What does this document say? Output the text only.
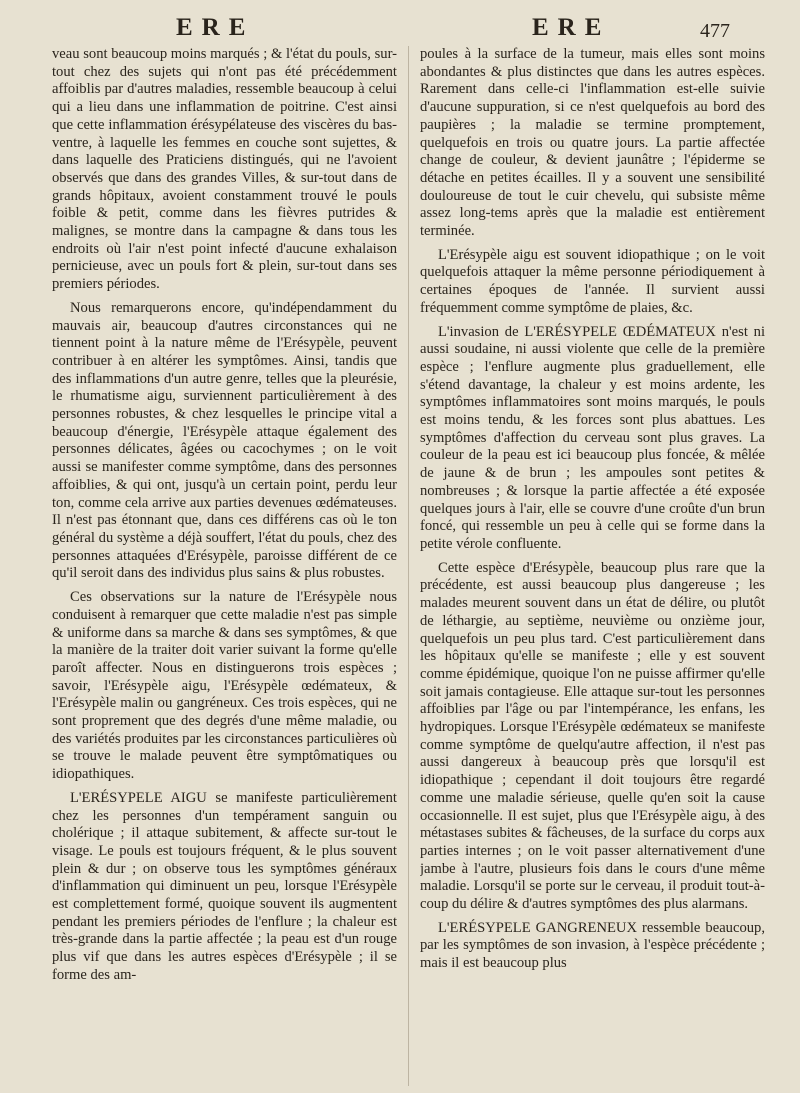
ERE	ERE	477

veau sont beaucoup moins marqués ; & l'état du pouls, sur-tout chez des sujets qui n'ont pas été précédemment affoiblis par d'autres maladies, ressemble beaucoup à celui qui a lieu dans une inflammation de poitrine. C'est ainsi que cette inflammation érésypélateuse des viscères du bas-ventre, à laquelle les femmes en couche sont sujettes, & dans laquelle des Praticiens distingués, qui ne l'avoient observés que dans des grandes Villes, & sur-tout dans de grands hôpitaux, avoient constamment trouvé le pouls foible & petit, comme dans les fièvres putrides & malignes, se montre dans la campagne & dans tous les endroits où l'air n'est point infecté d'aucune exhalaison pernicieuse, avec un pouls fort & plein, sur-tout dans ses premiers périodes.

Nous remarquerons encore, qu'indépendamment du mauvais air, beaucoup d'autres circonstances qui ne tiennent point à la nature même de l'Erésypèle, peuvent contribuer à en altérer les symptômes. Ainsi, tandis que des inflammations d'un autre genre, telles que la pleurésie, le rhumatisme aigu, surviennent particulièrement à des personnes robustes, & chez lesquelles le principe vital a beaucoup d'énergie, l'Erésypèle attaque également des personnes délicates, âgées ou cacochymes ; on le voit aussi se manifester comme symptôme, dans des personnes affoiblies, & qui ont, jusqu'à un certain point, perdu leur ton, comme cela arrive aux parties devenues œdémateuses. Il n'est pas étonnant que, dans ces différens cas où le ton général du système a déjà souffert, l'état du pouls, chez des personnes attaquées d'Erésypèle, paroisse différent de ce qu'il seroit dans des individus plus sains & plus robustes.

Ces observations sur la nature de l'Erésypèle nous conduisent à remarquer que cette maladie n'est pas simple & uniforme dans sa marche & dans ses symptômes, & que la manière de la traiter doit varier suivant la forme qu'elle paroît affecter. Nous en distinguerons trois espèces ; savoir, l'Erésypèle aigu, l'Erésypèle œdémateux, & l'Erésypèle malin ou gangréneux. Ces trois espèces, qui ne sont proprement que des degrés d'une même maladie, ou des variétés produites par les circonstances particulières où se trouve le malade peuvent être symptômatiques ou idiopathiques.

L'ERÉSYPELE AIGU se manifeste particulièrement chez les personnes d'un tempérament sanguin ou cholérique ; il attaque subitement, & affecte sur-tout le visage. Le pouls est toujours fréquent, & le plus souvent plein & dur ; on observe tous les symptômes généraux d'inflammation qui diminuent un peu, lorsque l'Erésypèle est complettement formé, quoique souvent ils augmentent pendant les premiers périodes de l'enflure ; la chaleur est très-grande dans la partie affectée ; la peau est d'un rouge plus vif que dans les autres espèces d'Erésypèle ; il se forme des am-

poules à la surface de la tumeur, mais elles sont moins abondantes & plus distinctes que dans les autres espèces. Rarement dans celle-ci l'inflammation est-elle suivie d'aucune suppuration, si ce n'est quelquefois au bord des paupières ; la maladie se termine promptement, quelquefois en trois ou quatre jours. La partie affectée change de couleur, & devient jaunâtre ; l'épiderme se détache en petites écailles. Il y a souvent une sensibilité douloureuse de tout le cuir chevelu, qui subsiste même assez long-tems après que la maladie est entièrement terminée.

L'Erésypèle aigu est souvent idiopathique ; on le voit quelquefois attaquer la même personne périodiquement à certaines époques de l'année. Il survient aussi fréquemment comme symptôme de plaies, &c.

L'invasion de L'ERÉSYPELE ŒDÉMATEUX n'est ni aussi soudaine, ni aussi violente que celle de la première espèce ; l'enflure augmente plus graduellement, elle s'étend davantage, la chaleur y est moins ardente, les symptômes inflammatoires sont moins marqués, le pouls est moins tendu, & les forces sont plus abattues. Les symptômes d'affection du cerveau sont plus graves. La couleur de la peau est ici beaucoup plus foncée, & mêlée de jaune & de brun ; les ampoules sont petites & nombreuses ; & lorsque la partie affectée a été exposée quelques jours à l'air, elle se couvre d'une croûte d'un brun foncé, qui ressemble un peu à celle qui se forme dans la petite vérole confluente.

Cette espèce d'Erésypèle, beaucoup plus rare que la précédente, est aussi beaucoup plus dangereuse ; les malades meurent souvent dans un état de délire, ou plutôt de léthargie, au septième, neuvième ou onzième jour, quelquefois un peu plus tard. C'est particulièrement dans les hôpitaux qu'elle se manifeste ; elle y est souvent comme épidémique, quoique l'on ne puisse affirmer qu'elle soit jamais contagieuse. Elle attaque sur-tout les personnes affoiblies par l'âge ou par l'intempérance, les enfans, les hydropiques. Lorsque l'Erésypèle œdémateux se manifeste comme symptôme de quelqu'autre affection, il n'est pas aussi dangereux à beaucoup près que lorsqu'il est idiopathique ; cependant il doit toujours être regardé comme une maladie sérieuse, quelle qu'en soit la cause occasionnelle. Il est sujet, plus que l'Erésypèle aigu, à des métastases subites & fâcheuses, de la surface du corps aux parties internes ; on le voit passer alternativement d'une jambe à l'autre, plusieurs fois dans le cours d'une même maladie. Lorsqu'il se porte sur le cerveau, il produit tout-à-coup du délire & d'autres symptômes des plus alarmans.

L'ERÉSYPELE GANGRENEUX ressemble beaucoup, par les symptômes de son invasion, à l'espèce précédente ; mais il est beaucoup plus
